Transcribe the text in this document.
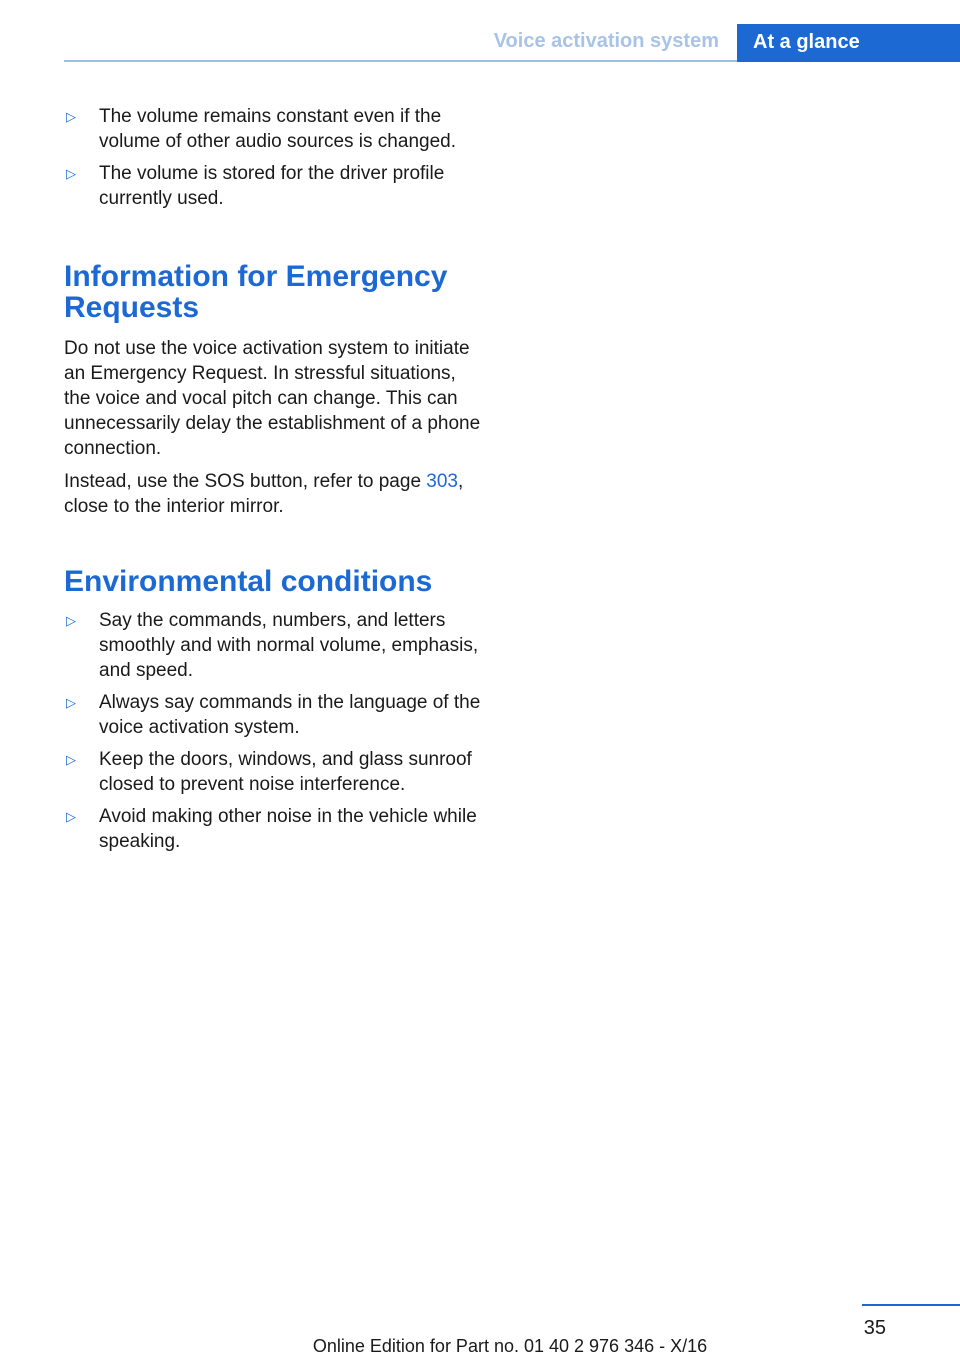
Voice activation system	At a glance
▷ The volume remains constant even if the volume of other audio sources is changed.
▷ The volume is stored for the driver profile currently used.
Information for Emergency Requests

Do not use the voice activation system to initiate an Emergency Request. In stressful situations, the voice and vocal pitch can change. This can unnecessarily delay the establishment of a phone connection.

Instead, use the SOS button, refer to page 303, close to the interior mirror.

Environmental conditions
▷ Say the commands, numbers, and letters smoothly and with normal volume, emphasis, and speed.
▷ Always say commands in the language of the voice activation system.
▷ Keep the doors, windows, and glass sunroof closed to prevent noise interference.
▷ Avoid making other noise in the vehicle while speaking.
35
Online Edition for Part no. 01 40 2 976 346 - X/16
